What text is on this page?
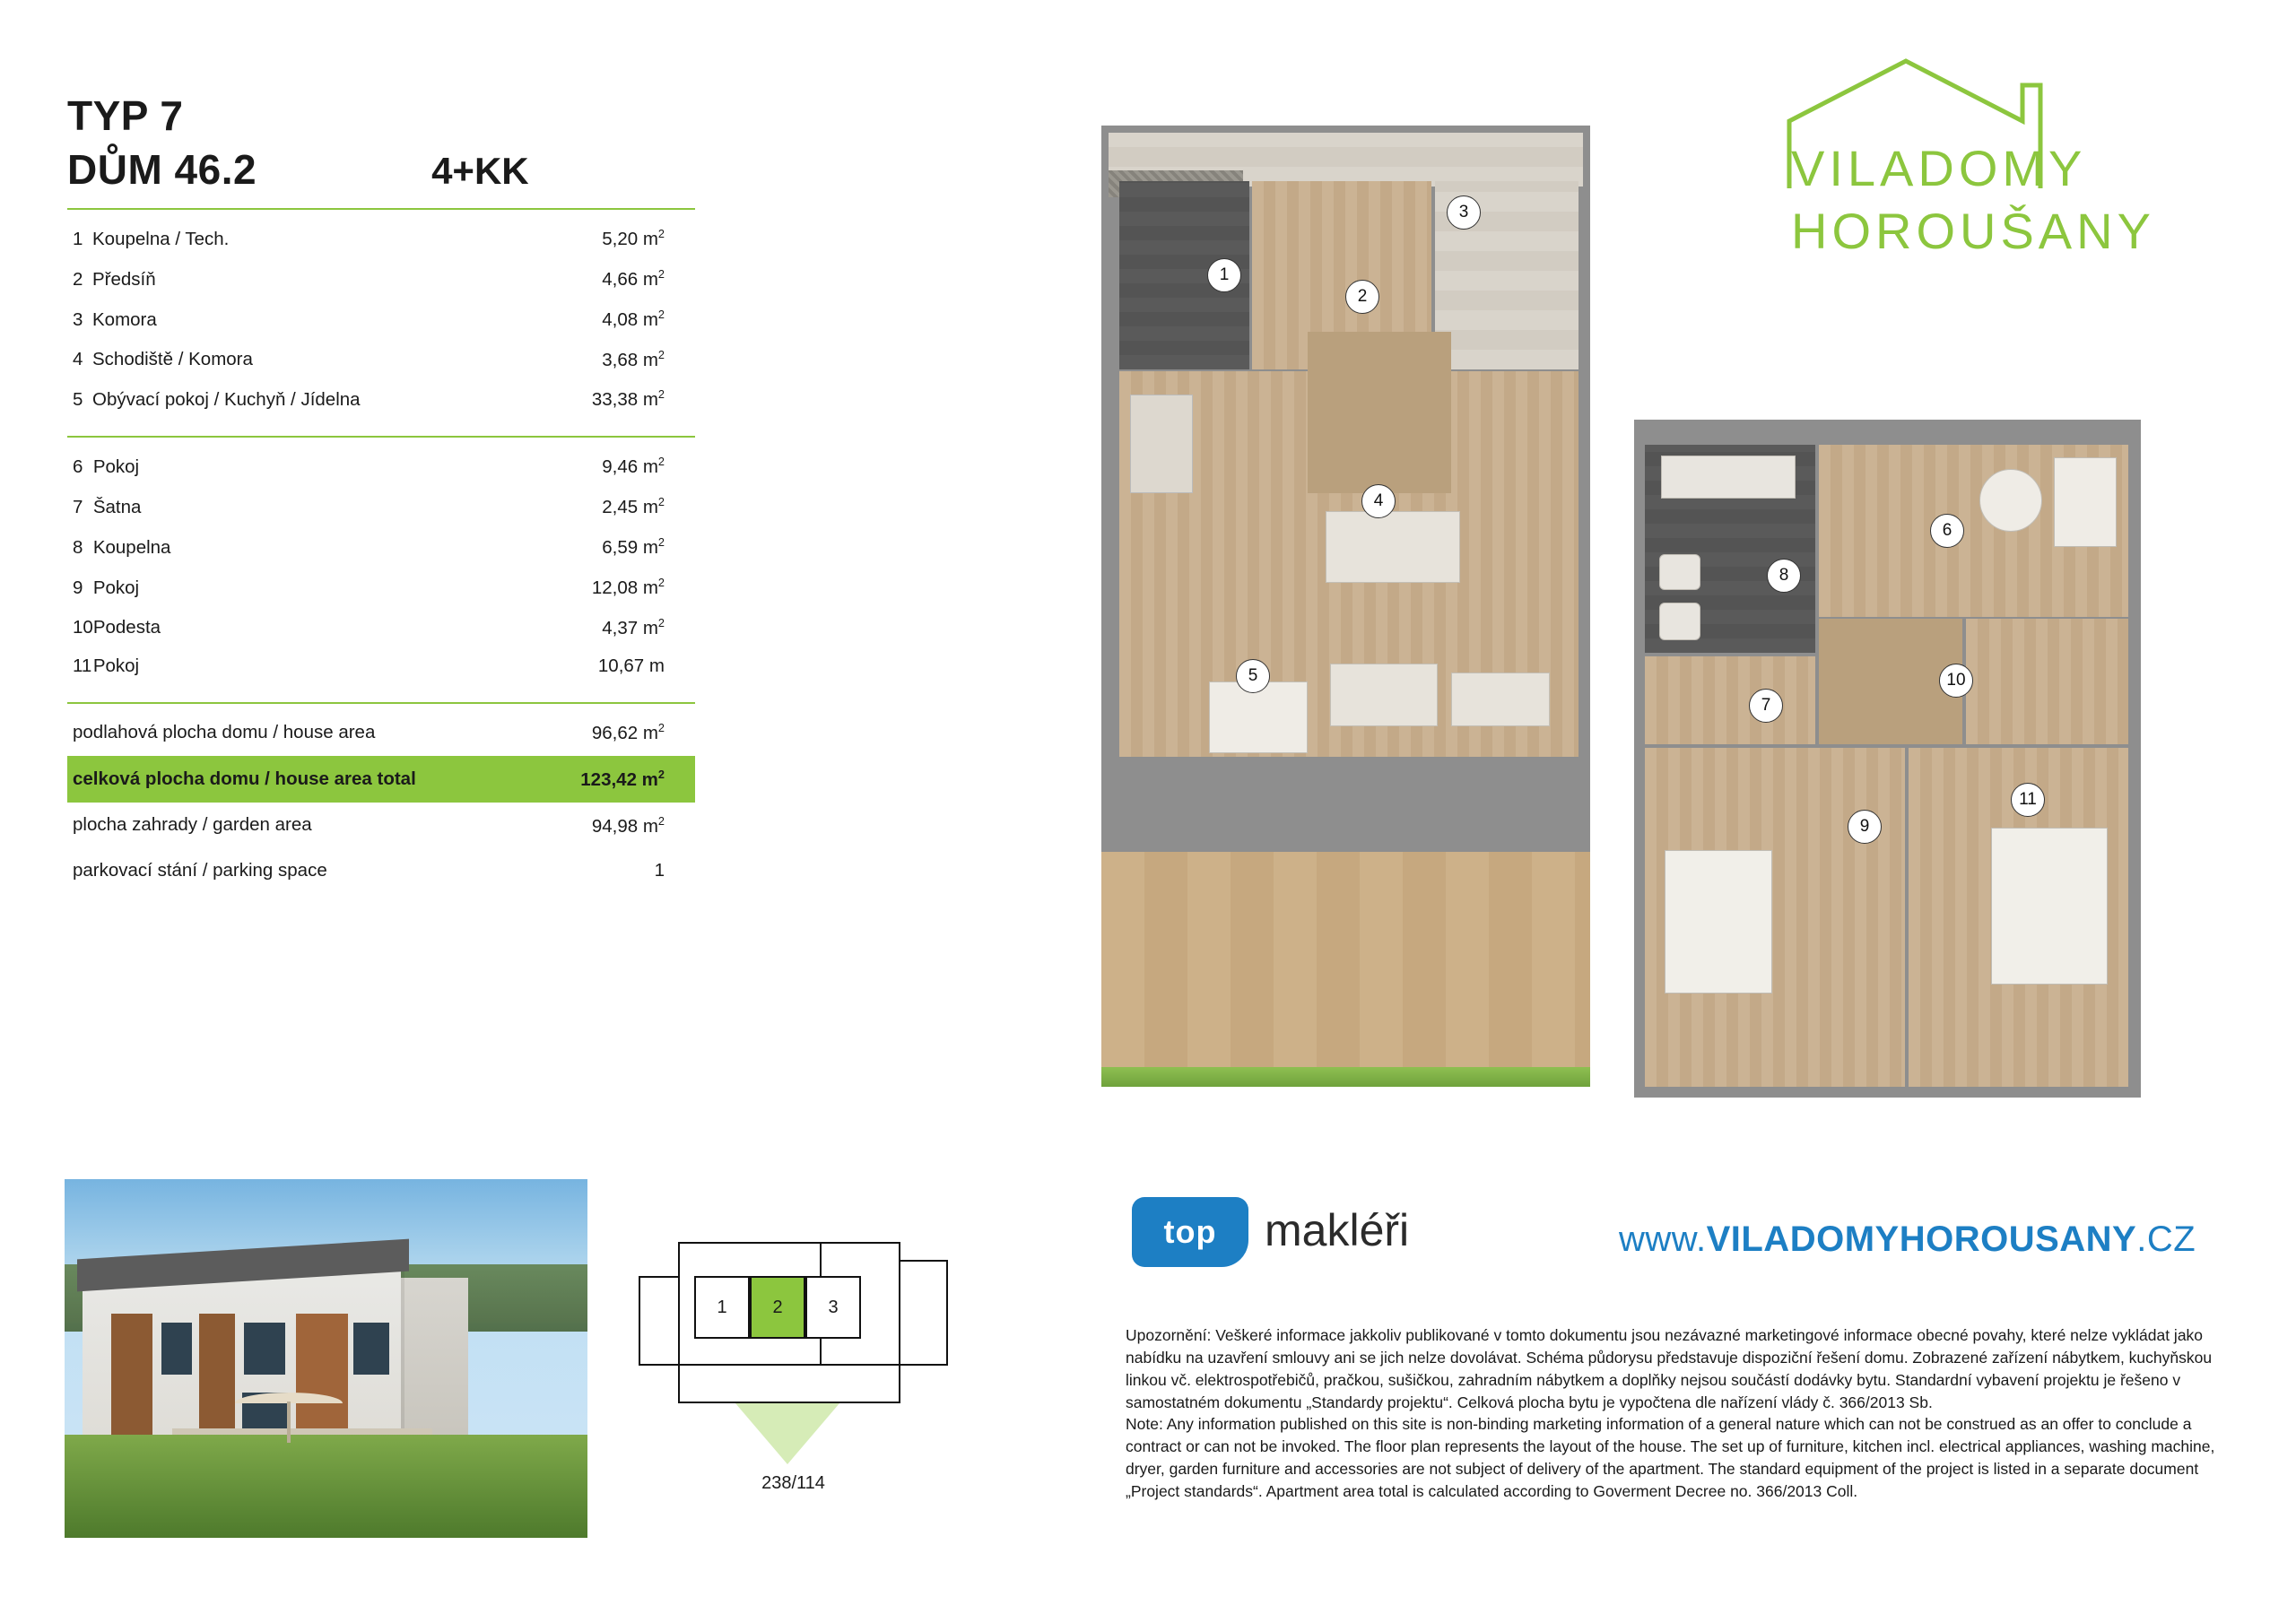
TYP 7
DŮM 46.2	4+KK
1	Koupelna / Tech.	5,20 $m^2$
2	Předsíň	4,66 $m^2$
3	Komora	4,08 $m^2$
4	Schodiště / Komora	3,68 $m^2$
5	Obývací pokoj / Kuchyň / Jídelna	33,38 $m^2$
6	Pokoj	9,46 $m^2$
7	Šatna	2,45 $m^2$
8	Koupelna	6,59 $m^2$
9	Pokoj	12,08 $m^2$
10	Podesta	4,37 $m^2$
11	Pokoj	10,67 m
podlahová plocha domu / house area	96,62 $m^2$
celková plocha domu / house area total	123,42 $m^2$
plocha zahrady / garden area	94,98 $m^2$
parkovací stání / parking space	1
1	2	3
238/114
1
2
3
4
5
8
6
10
7
9
11
VILADOMY
HOROUŠANY
top	makléři	www.VILADOMYHOROUSANY.CZ

Upozornění: Veškeré informace jakkoliv publikované v tomto dokumentu jsou nezávazné marketingové informace obecné povahy, které nelze vykládat jako nabídku na uzavření smlouvy ani se jich nelze dovolávat. Schéma půdorysu představuje dispoziční řešení domu. Zobrazené zařízení nábytkem, kuchyňskou linkou vč. elektrospotřebičů, pračkou, sušičkou, zahradním nábytkem a doplňky nejsou součástí dodávky bytu. Standardní vybavení projektu je řešeno v samostatném dokumentu „Standardy projektu“. Celková plocha bytu je vypočtena dle nařízení vlády č. 366/2013 Sb.

Note: Any information published on this site is non-binding marketing information of a general nature which can not be construed as an offer to conclude a contract or can not be invoked. The floor plan represents the layout of the house. The set up of furniture, kitchen incl. electrical appliances, washing machine, dryer, garden furniture and accessories are not subject of delivery of the apartment. The standard equipment of the project is listed in a separate document „Project standards“. Apartment area total is calculated according to Goverment Decree no. 366/2013 Coll.
